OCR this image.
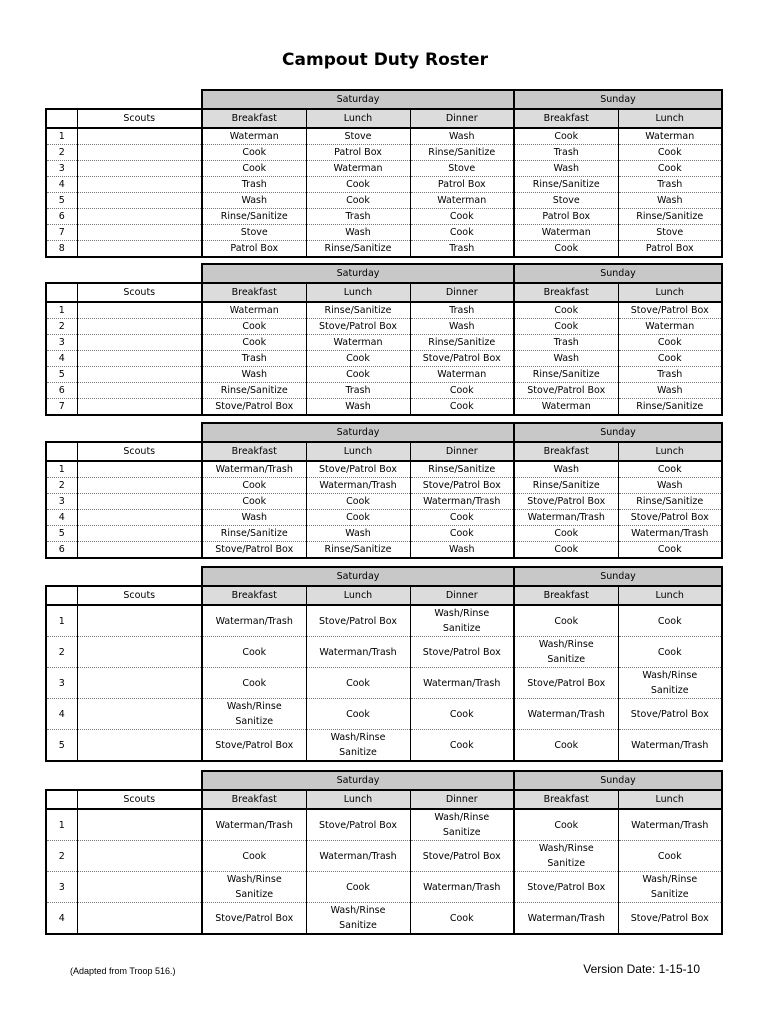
Campout Duty Roster
		Saturday			Sunday	
	Scouts	Breakfast	Lunch	Dinner	Breakfast	Lunch
1		Waterman	Stove	Wash	Cook	Waterman
2		Cook	Patrol Box	Rinse/Sanitize	Trash	Cook
3		Cook	Waterman	Stove	Wash	Cook
4		Trash	Cook	Patrol Box	Rinse/Sanitize	Trash
5		Wash	Cook	Waterman	Stove	Wash
6		Rinse/Sanitize	Trash	Cook	Patrol Box	Rinse/Sanitize
7		Stove	Wash	Cook	Waterman	Stove
8		Patrol Box	Rinse/Sanitize	Trash	Cook	Patrol Box
		Saturday			Sunday	
	Scouts	Breakfast	Lunch	Dinner	Breakfast	Lunch
1		Waterman	Rinse/Sanitize	Trash	Cook	Stove/Patrol Box
2		Cook	Stove/Patrol Box	Wash	Cook	Waterman
3		Cook	Waterman	Rinse/Sanitize	Trash	Cook
4		Trash	Cook	Stove/Patrol Box	Wash	Cook
5		Wash	Cook	Waterman	Rinse/Sanitize	Trash
6		Rinse/Sanitize	Trash	Cook	Stove/Patrol Box	Wash
7		Stove/Patrol Box	Wash	Cook	Waterman	Rinse/Sanitize
		Saturday			Sunday	
	Scouts	Breakfast	Lunch	Dinner	Breakfast	Lunch
1		Waterman/Trash	Stove/Patrol Box	Rinse/Sanitize	Wash	Cook
2		Cook	Waterman/Trash	Stove/Patrol Box	Rinse/Sanitize	Wash
3		Cook	Cook	Waterman/Trash	Stove/Patrol Box	Rinse/Sanitize
4		Wash	Cook	Cook	Waterman/Trash	Stove/Patrol Box
5		Rinse/Sanitize	Wash	Cook	Cook	Waterman/Trash
6		Stove/Patrol Box	Rinse/Sanitize	Wash	Cook	Cook
		Saturday			Sunday	
	Scouts	Breakfast	Lunch	Dinner	Breakfast	Lunch
1		Waterman/Trash	Stove/Patrol Box	Wash/Rinse
Sanitize	Cook	Cook
2		Cook	Waterman/Trash	Stove/Patrol Box	Wash/Rinse
Sanitize	Cook
3		Cook	Cook	Waterman/Trash	Stove/Patrol Box	Wash/Rinse
Sanitize
4		Wash/Rinse
Sanitize	Cook	Cook	Waterman/Trash	Stove/Patrol Box
5		Stove/Patrol Box	Wash/Rinse
Sanitize	Cook	Cook	Waterman/Trash
		Saturday			Sunday	
	Scouts	Breakfast	Lunch	Dinner	Breakfast	Lunch
1		Waterman/Trash	Stove/Patrol Box	Wash/Rinse
Sanitize	Cook	Waterman/Trash
2		Cook	Waterman/Trash	Stove/Patrol Box	Wash/Rinse
Sanitize	Cook
3		Wash/Rinse
Sanitize	Cook	Waterman/Trash	Stove/Patrol Box	Wash/Rinse
Sanitize
4		Stove/Patrol Box	Wash/Rinse
Sanitize	Cook	Waterman/Trash	Stove/Patrol Box
(Adapted from Troop 516.)	Version Date: 1-15-10
